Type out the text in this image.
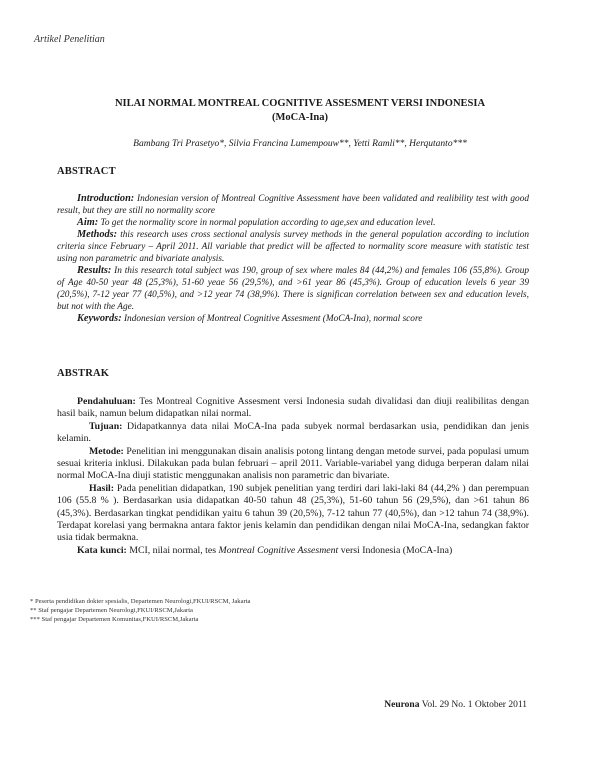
Artikel Penelitian
NILAI NORMAL MONTREAL COGNITIVE ASSESMENT VERSI INDONESIA
(MoCA-Ina)
Bambang Tri Prasetyo*, Silvia Francina Lumempouw**, Yetti Ramli**, Herqutanto***
ABSTRACT

Introduction: Indonesian version of Montreal Cognitive Assessment have been validated and realibility test with good result, but they are still no normality score

Aim: To get the normality score in normal population according to age,sex and education level.

Methods: this research uses cross sectional analysis survey methods in the general population according to inclution criteria since February – April 2011. All variable that predict will be affected to normality score measure with statistic test using non parametric and bivariate analysis.

Results: In this research total subject was 190, group of sex where males 84 (44,2%) and females 106 (55,8%). Group of Age 40-50 year 48 (25,3%), 51-60 yeae 56 (29,5%), and >61 year 86 (45,3%). Group of education levels 6 year 39 (20,5%), 7-12 year 77 (40,5%), and >12 year 74 (38,9%). There is significan correlation between sex and education levels, but not with the Age.

Keywords: Indonesian version of Montreal Cognitive Assesment (MoCA-Ina), normal score

ABSTRAK

Pendahuluan: Tes Montreal Cognitive Assesment versi Indonesia sudah divalidasi dan diuji realibilitas dengan hasil baik, namun belum didapatkan nilai normal.

Tujuan: Didapatkannya data nilai MoCA-Ina pada subyek normal berdasarkan usia, pendidikan dan jenis kelamin.

Metode: Penelitian ini menggunakan disain analisis potong lintang dengan metode survei, pada populasi umum sesuai kriteria inklusi. Dilakukan pada bulan februari – april 2011. Variable-variabel yang diduga berperan dalam nilai normal MoCA-Ina diuji statistic menggunakan analisis non parametric dan bivariate.

Hasil: Pada penelitian didapatkan, 190 subjek penelitian yang terdiri dari laki-laki 84 (44,2% ) dan perempuan 106 (55.8 % ). Berdasarkan usia didapatkan 40-50 tahun 48 (25,3%), 51-60 tahun 56 (29,5%), dan >61 tahun 86 (45,3%). Berdasarkan tingkat pendidikan yaitu 6 tahun 39 (20,5%), 7-12 tahun 77 (40,5%), dan >12 tahun 74 (38,9%). Terdapat korelasi yang bermakna antara faktor jenis kelamin dan pendidikan dengan nilai MoCA-Ina, sedangkan faktor usia tidak bermakna.

Kata kunci: MCI, nilai normal, tes Montreal Cognitive Assesment versi Indonesia (MoCA-Ina)

* Peserta pendidikan dokter spesialis, Departemen Neurologi,FKUI/RSCM, Jakarta
** Staf pengajar Departemen Neurologi,FKUI/RSCM,Jakarta
*** Staf pengajar Departemen Komunitas,FKUI/RSCM,Jakarta
Neurona Vol. 29 No. 1 Oktober 2011
